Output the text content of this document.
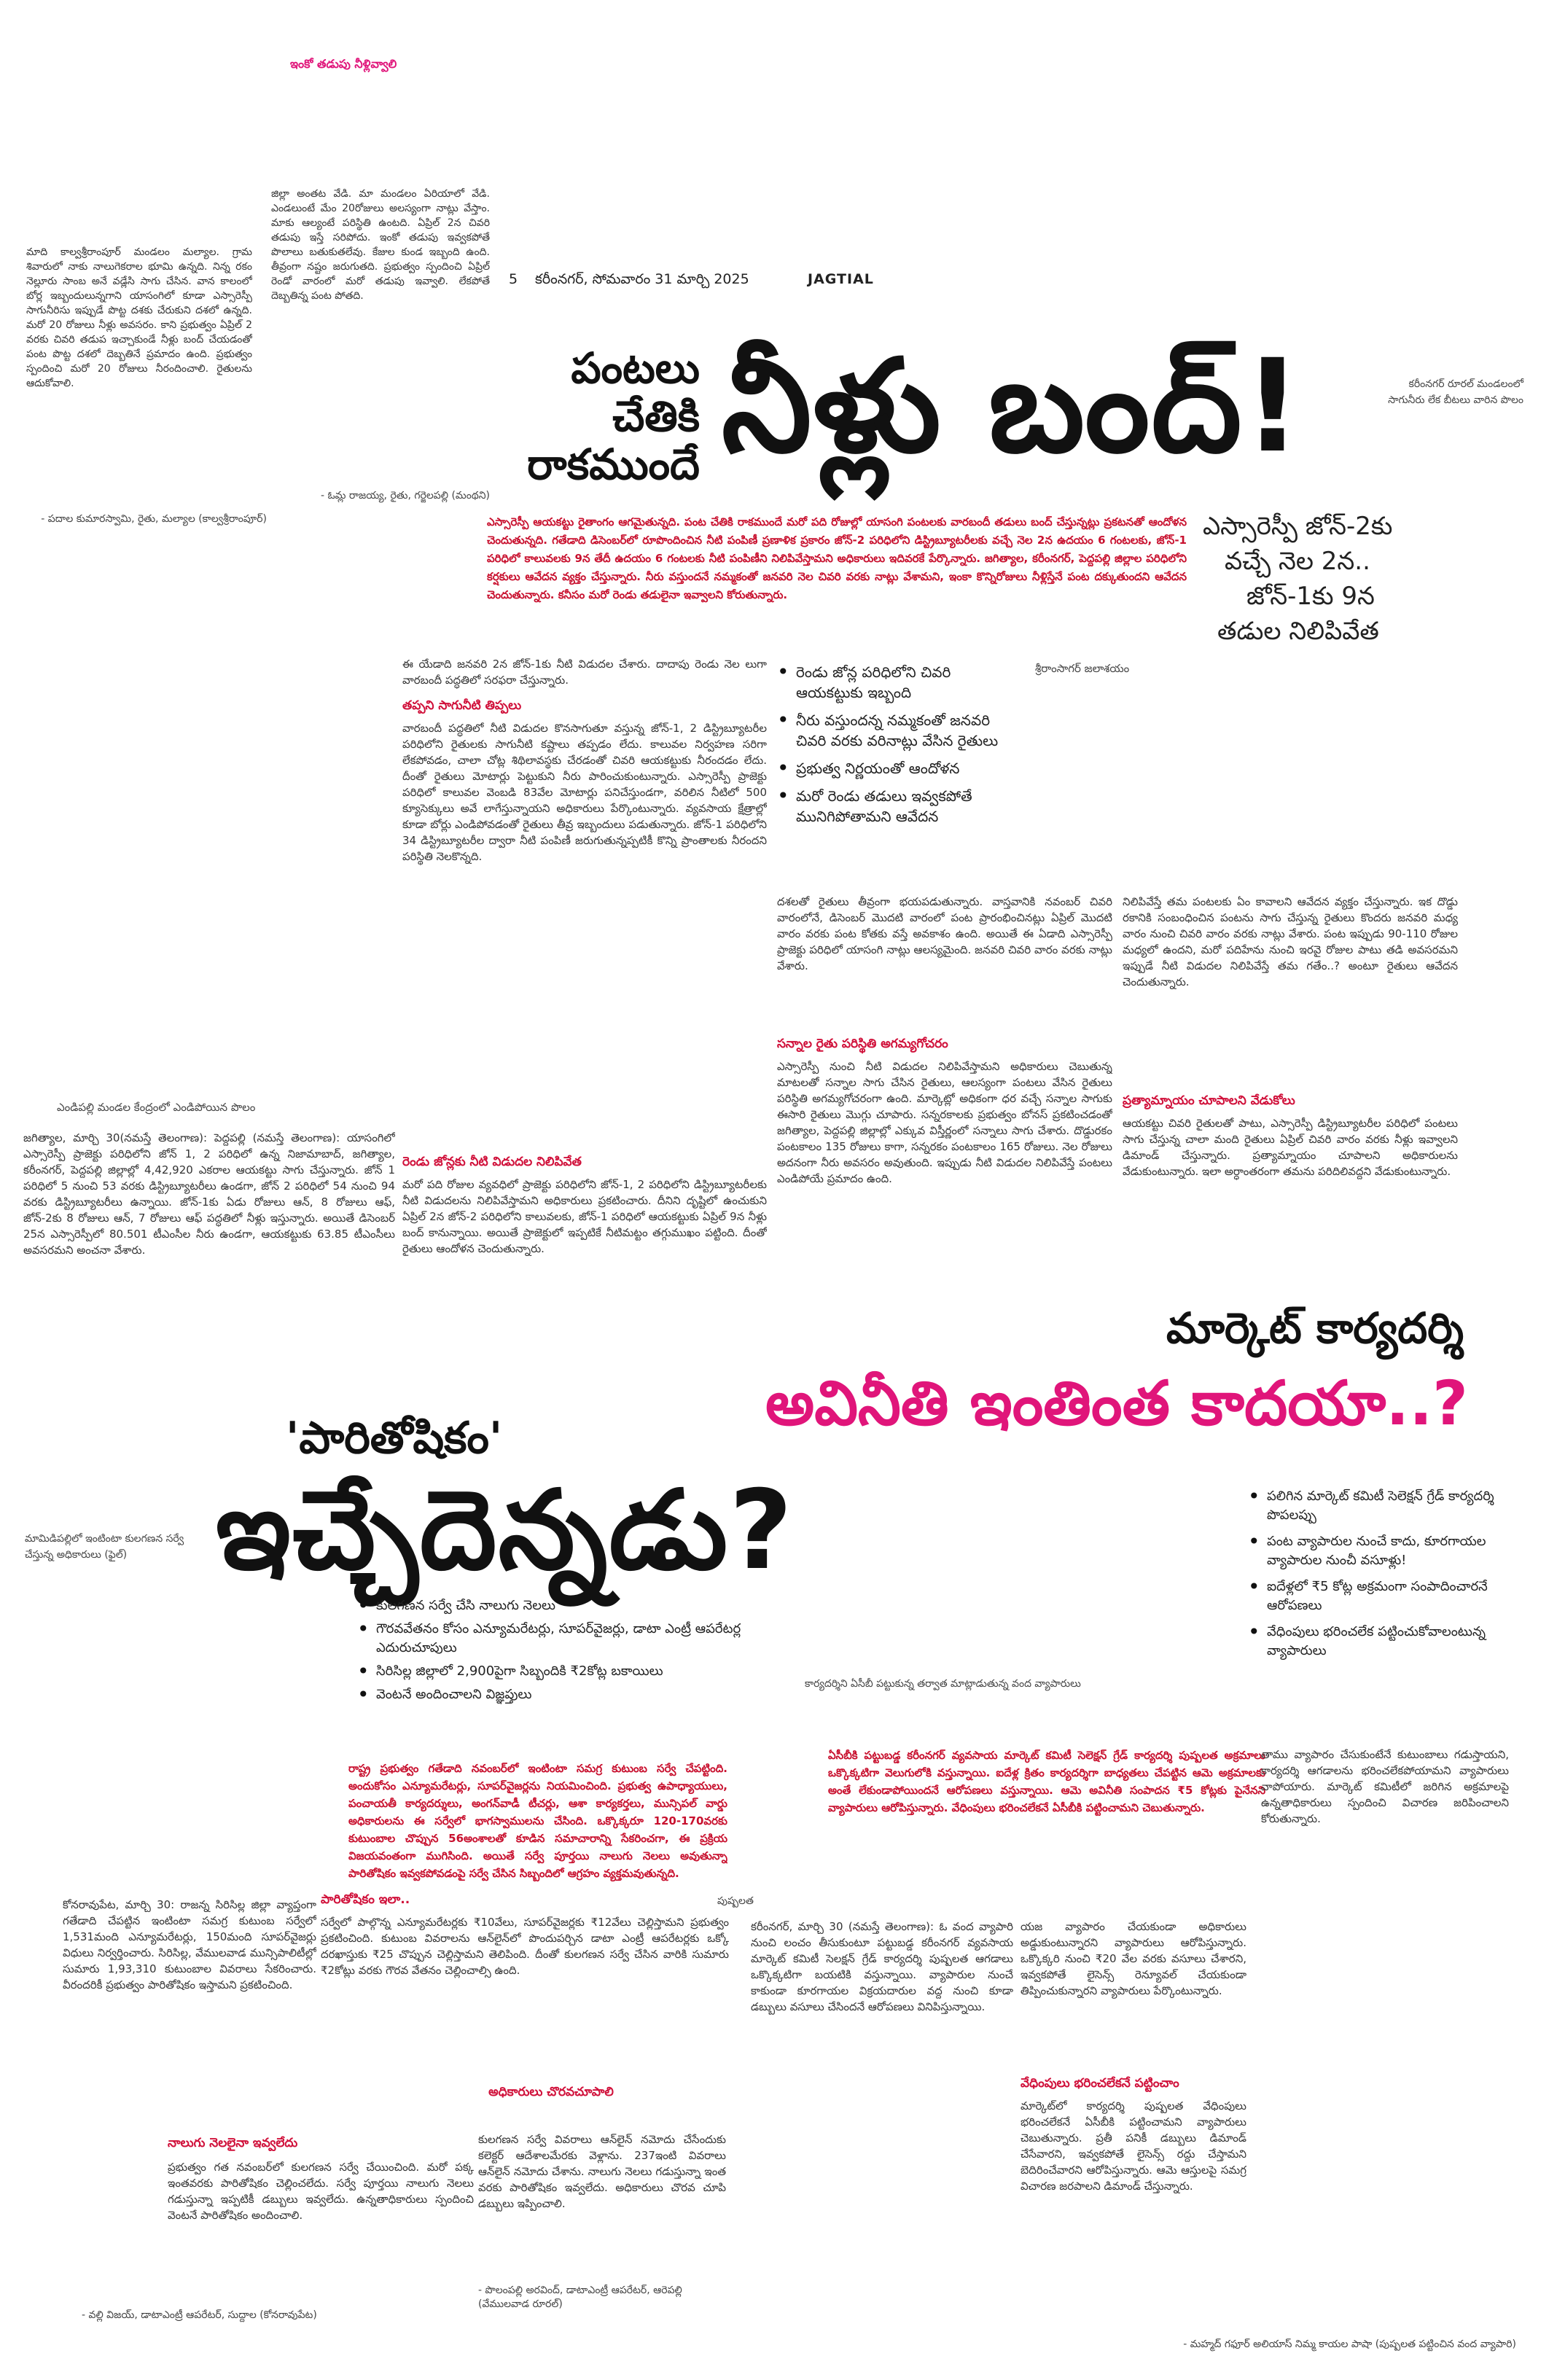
ఇంకో తడుపు నీళ్లివ్వాలి
5 కరీంనగర్, సోమవారం 31 మార్చి 2025	JAGTIAL
మాది కాల్వశ్రీరాంపూర్ మండలం మల్యాల. గ్రామ శివారులో నాకు నాలుగెకరాల భూమి ఉన్నది. నిన్న రకం నెల్లూరు సాంబ అనే వడ్లేసి సాగు చేసిన. వాన కాలంలో బోర్ల ఇబ్బందులున్నగాని యాసంగిలో కూడా ఎస్సారెస్పీ సాగునీరిసు ఇప్పుడే పొట్ట దశకు చేరుకుని దశలో ఉన్నది. మరో 20 రోజులు నీళ్లు అవసరం. కాని ప్రభుత్వం ఏప్రిల్ 2 వరకు చివరి తడుప ఇచ్చాకుండే నీళ్లు బంద్ చేయడంతో పంట పొట్ట దశలో దెబ్బతినే ప్రమాదం ఉంది. ప్రభుత్వం స్పందించి మరో 20 రోజులు నీరందించాలి. రైతులను ఆదుకోవాలి.
- పదాల కుమారస్వామి, రైతు, మల్యాల (కాల్వశ్రీరాంపూర్)
జిల్లా అంతట వేడి. మా మండలం ఏరియాలో వేడి. ఎండలుంటే మేం 20రోజులు అలస్యంగా నాట్లు వేస్తాం. మాకు ఆల్యంటే పరిస్థితి ఉంటది. ఏప్రిల్ 2న చివరి తడుపు ఇస్తే సరిపోదు. ఇంకో తడుపు ఇవ్వకపోతే పొలాలు బతుకుతలేవు. కేజుల కుండ ఇబ్బంది ఉంది. తీవ్రంగా నష్టం జరుగుతది. ప్రభుత్వం స్పందించి ఏప్రిల్ రెండో వారంలో మరో తడుపు ఇవ్వాలి. లేకపోతే దెబ్బతిన్న పంట పోతది.
- ఓమ్ల రాజయ్య, రైతు, గర్జెలపల్లి (మంథని)
పంటలు
చేతికి
రాకముందే నీళ్లు బంద్!	కరీంనగర్ రూరల్ మండలంలో సాగునీరు లేక బీటలు వారిన పొలం
ఎస్సారెస్పీ జోన్-2కు
వచ్చే నెల 2న..
జోన్-1కు 9న
తడుల నిలిపివేత
ఎస్సారెస్పీ ఆయకట్టు రైతాంగం ఆగమైతున్నది. పంట చేతికి రాకముందే మరో పది రోజుల్లో యాసంగి పంటలకు వారబందీ తడులు బంద్ చేస్తున్నట్లు ప్రకటనతో ఆందోళన చెందుతున్నది. గతేడాది డిసెంబర్‌లో రూపొందించిన నీటి పంపిణీ ప్రణాళిక ప్రకారం జోన్-2 పరిధిలోని డిస్ట్రిబ్యూటరీలకు వచ్చే నెల 2న ఉదయం 6 గంటలకు, జోన్-1 పరిధిలో కాలువలకు 9న తేదీ ఉదయం 6 గంటలకు నీటి పంపిణీని నిలిపివేస్తామని అధికారులు ఇదివరకే పేర్కొన్నారు. జగిత్యాల, కరీంనగర్, పెద్దపల్లి జిల్లాల పరిధిలోని కర్షకులు ఆవేదన వ్యక్తం చేస్తున్నారు. నీరు వస్తుందనే నమ్మకంతో జనవరి నెల చివరి వరకు నాట్లు వేశామని, ఇంకా కొన్నిరోజులు నీళ్లిస్తేనే పంట దక్కుతుందని ఆవేదన చెందుతున్నారు. కనీసం మరో రెండు తడులైనా ఇవ్వాలని కోరుతున్నారు.
ఈ యేడాది జనవరి 2న జోన్-1కు నీటి విడుదల చేశారు. దాదాపు రెండు నెల లుగా వారబందీ పద్ధతిలో సరఫరా చేస్తున్నారు.
తప్పని సాగునీటి తిప్పలు
వారబందీ పద్ధతిలో నీటి విడుదల కొనసాగుతూ వస్తున్న జోన్-1, 2 డిస్ట్రిబ్యూటరీల పరిధిలోని రైతులకు సాగునీటి కష్టాలు తప్పడం లేదు. కాలువల నిర్వహణ సరిగా లేకపోవడం, చాలా చోట్ల శిథిలావస్థకు చేరడంతో చివరి ఆయకట్టుకు నీరందడం లేదు. దీంతో రైతులు మోటార్లు పెట్టుకుని నీరు పారించుకుంటున్నారు. ఎస్సారెస్పీ ప్రాజెక్టు పరిధిలో కాలువల వెంబడి 83వేల మోటార్లు పనిచేస్తుండగా, వరిలిన నీటిలో 500 క్యూసెక్కులు అవే లాగేస్తున్నాయని అధికారులు పేర్కొంటున్నారు. వ్యవసాయ క్షేత్రాల్లో కూడా బోర్లు ఎండిపోవడంతో రైతులు తీవ్ర ఇబ్బందులు పడుతున్నారు. జోన్-1 పరిధిలోని 34 డిస్ట్రిబ్యూటరీల ద్వారా నీటి పంపిణీ జరుగుతున్నప్పటికీ కొన్ని ప్రాంతాలకు నీరందని పరిస్థితి నెలకొన్నది.
రెండు జోన్లకు నీటి విడుదల నిలిపివేత
మరో పది రోజుల వ్యవధిలో ప్రాజెక్టు పరిధిలోని జోన్-1, 2 పరిధిలోని డిస్ట్రిబ్యూటరీలకు నీటి విడుదలను నిలిపివేస్తామని అధికారులు ప్రకటించారు. దీనిని దృష్టిలో ఉంచుకుని ఏప్రిల్ 2న జోన్-2 పరిధిలోని కాలువలకు, జోన్-1 పరిధిలో ఆయకట్టుకు ఏప్రిల్ 9న నీళ్లు బంద్ కానున్నాయి. అయితే ప్రాజెక్టులో ఇప్పటికే నీటిమట్టం తగ్గుముఖం పట్టింది. దీంతో రైతులు ఆందోళన చెందుతున్నారు.
• రెండు జోన్ల పరిధిలోని చివరి ఆయకట్టుకు ఇబ్బంది
• నీరు వస్తుందన్న నమ్మకంతో జనవరి చివరి వరకు వరినాట్లు వేసిన రైతులు
• ప్రభుత్వ నిర్ణయంతో ఆందోళన
• మరో రెండు తడులు ఇవ్వకపోతే మునిగిపోతామని ఆవేదన
శ్రీరాంసాగర్ జలాశయం
దశలతో రైతులు తీవ్రంగా భయపడుతున్నారు. వాస్తవానికి నవంబర్ చివరి వారంలోనే, డిసెంబర్ మొదటి వారంలో పంట ప్రారంభించినట్లు ఏప్రిల్ మొదటి వారం వరకు పంట కోతకు వస్తే అవకాశం ఉంది. అయితే ఈ ఏడాది ఎస్సారెస్పీ ప్రాజెక్టు పరిధిలో యాసంగి నాట్లు ఆలస్యమైంది. జనవరి చివరి వారం వరకు నాట్లు వేశారు.
సన్నాల రైతు పరిస్థితి అగమ్యగోచరం
ఎస్సారెస్పీ నుంచి నీటి విడుదల నిలిపివేస్తామని అధికారులు చెబుతున్న మాటలతో సన్నాల సాగు చేసిన రైతులు, ఆలస్యంగా పంటలు వేసిన రైతులు పరిస్థితి అగమ్యగోచరంగా ఉంది. మార్కెట్లో అధికంగా ధర వచ్చే సన్నాల సాగుకు ఈసారి రైతులు మొగ్గు చూపారు. సన్నరకాలకు ప్రభుత్వం బోనస్ ప్రకటించడంతో జగిత్యాల, పెద్దపల్లి జిల్లాల్లో ఎక్కువ విస్తీర్ణంలో సన్నాలు సాగు చేశారు. దొడ్డురకం పంటకాలం 135 రోజులు కాగా, సన్నరకం పంటకాలం 165 రోజులు. నెల రోజులు అదనంగా నీరు అవసరం అవుతుంది. ఇప్పుడు నీటి విడుదల నిలిపివేస్తే పంటలు ఎండిపోయే ప్రమాదం ఉంది.
నిలిపివేస్తే తమ పంటలకు ఏం కావాలని ఆవేదన వ్యక్తం చేస్తున్నారు. ఇక దొడ్డు రకానికి సంబంధించిన పంటను సాగు చేస్తున్న రైతులు కొందరు జనవరి మధ్య వారం నుంచి చివరి వారం వరకు నాట్లు వేశారు. పంట ఇప్పుడు 90-110 రోజుల మధ్యలో ఉందని, మరో పదిహేను నుంచి ఇరవై రోజుల పాటు తడి అవసరమని ఇప్పుడే నీటి విడుదల నిలిపివేస్తే తమ గతేం..? అంటూ రైతులు ఆవేదన చెందుతున్నారు.
ప్రత్యామ్నాయం చూపాలని వేడుకోలు
ఆయకట్టు చివరి రైతులతో పాటు, ఎస్సారెస్పీ డిస్ట్రిబ్యూటరీల పరిధిలో పంటలు సాగు చేస్తున్న చాలా మంది రైతులు ఏప్రిల్ చివరి వారం వరకు నీళ్లు ఇవ్వాలని డిమాండ్ చేస్తున్నారు. ప్రత్యామ్నాయం చూపాలని అధికారులను వేడుకుంటున్నారు. ఇలా అర్ధాంతరంగా తమను పరిదిలివద్దని వేడుకుంటున్నారు.
ఎండిపల్లి మండల కేంద్రంలో ఎండిపోయిన పొలం
జగిత్యాల, మార్చి 30(నమస్తే తెలంగాణ): పెద్దపల్లి (నమస్తే తెలంగాణ): యాసంగిలో ఎస్సారెస్పీ ప్రాజెక్టు పరిధిలోని జోన్ 1, 2 పరిధిలో ఉన్న నిజామాబాద్, జగిత్యాల, కరీంనగర్, పెద్దపల్లి జిల్లాల్లో 4,42,920 ఎకరాల ఆయకట్టు సాగు చేస్తున్నారు. జోన్ 1 పరిధిలో 5 నుంచి 53 వరకు డిస్ట్రిబ్యూటరీలు ఉండగా, జోన్ 2 పరిధిలో 54 నుంచి 94 వరకు డిస్ట్రిబ్యూటరీలు ఉన్నాయి. జోన్-1కు ఏడు రోజులు ఆన్, 8 రోజులు ఆఫ్, జోన్-2కు 8 రోజులు ఆన్, 7 రోజులు ఆఫ్ పద్ధతిలో నీళ్లు ఇస్తున్నారు. అయితే డిసెంబర్ 25న ఎస్సారెస్పీలో 80.501 టీఎంసీల నీరు ఉండగా, ఆయకట్టుకు 63.85 టీఎంసీలు అవసరమని అంచనా వేశారు.
మార్కెట్ కార్యదర్శి
అవినీతి ఇంతింత కాదయా..?
• పలిగిన మార్కెట్ కమిటీ సెలెక్షన్ గ్రేడ్ కార్యదర్శి పొపలప్పు
• పంట వ్యాపారుల నుంచే కాదు, కూరగాయల వ్యాపారుల నుంచీ వసూళ్లు!
• ఐదేళ్లలో ₹5 కోట్ల అక్రమంగా సంపాదించారనే ఆరోపణలు
• వేధింపులు భరించలేక పట్టించుకోవాలంటున్న వ్యాపారులు
కార్యదర్శిని ఏసీబీ పట్టుకున్న తర్వాత మాట్లాడుతున్న వంద వ్యాపారులు
ఏసీబీకి పట్టుబడ్డ కరీంనగర్ వ్యవసాయ మార్కెట్ కమిటీ సెలెక్షన్ గ్రేడ్ కార్యదర్శి పుష్పలత అక్రమాలు ఒక్కొక్కటిగా వెలుగులోకి వస్తున్నాయి. ఐదేళ్ల క్రితం కార్యదర్శిగా బాధ్యతలు చేపట్టిన ఆమె అక్రమాలకు అంతే లేకుండాపోయిందనే ఆరోపణలు వస్తున్నాయి. ఆమె అవినీతి సంపాదన ₹5 కోట్లకు పైనేనని వ్యాపారులు ఆరోపిస్తున్నారు. వేధింపులు భరించలేకనే ఏసీబీకి పట్టించామని చెబుతున్నారు.
పుష్పలత
కరీంనగర్, మార్చి 30 (నమస్తే తెలంగాణ): ఓ వంద వ్యాపారి నుంచి లంచం తీసుకుంటూ పట్టుబడ్డ కరీంనగర్ వ్యవసాయ మార్కెట్ కమిటీ సెలక్షన్ గ్రేడ్ కార్యదర్శి పుష్పలత ఆగడాలు ఒక్కొక్కటిగా బయటికి వస్తున్నాయి. వ్యాపారుల నుంచే కాకుండా కూరగాయల విక్రయదారుల వద్ద నుంచి కూడా డబ్బులు వసూలు చేసిందనే ఆరోపణలు వినిపిస్తున్నాయి.
యజ వ్యాపారం చేయకుండా అధికారులు అడ్డుకుంటున్నారని వ్యాపారులు ఆరోపిస్తున్నారు. ఒక్కొక్కరి నుంచి ₹20 వేల వరకు వసూలు చేశారని, ఇవ్వకపోతే లైసెన్స్ రెన్యూవల్ చేయకుండా తిప్పించుకున్నారని వ్యాపారులు పేర్కొంటున్నారు.
వేధింపులు భరించలేకనే పట్టించాం
మార్కెట్‌లో కార్యదర్శి పుష్పలత వేధింపులు భరించలేకనే ఏసీబీకి పట్టించామని వ్యాపారులు చెబుతున్నారు. ప్రతీ పనికీ డబ్బులు డిమాండ్ చేసేవారని, ఇవ్వకపోతే లైసెన్స్ రద్దు చేస్తామని బెదిరించేవారని ఆరోపిస్తున్నారు. ఆమె ఆస్తులపై సమగ్ర విచారణ జరపాలని డిమాండ్ చేస్తున్నారు.
తాము వ్యాపారం చేసుకుంటేనే కుటుంబాలు గడుస్తాయని, కార్యదర్శి ఆగడాలను భరించలేకపోయామని వ్యాపారులు వాపోయారు. మార్కెట్ కమిటీలో జరిగిన అక్రమాలపై ఉన్నతాధికారులు స్పందించి విచారణ జరిపించాలని కోరుతున్నారు.
- మహ్మద్ గఫూర్ అలియాస్ నిమ్మ కాయల పాషా (పుష్పలత పట్టించిన వంద వ్యాపారి)
'పారితోషికం'
ఇచ్చేదెన్నడు?
మామిడిపల్లిలో ఇంటింటా కులగణన సర్వే చేస్తున్న అధికారులు (ఫైల్)
• కులగణన సర్వే చేసి నాలుగు నెలలు
• గౌరవవేతనం కోసం ఎన్యూమరేటర్లు, సూపర్‌వైజర్లు, డాటా ఎంట్రీ ఆపరేటర్ల ఎదురుచూపులు
• సిరిసిల్ల జిల్లాలో 2,900పైగా సిబ్బందికి ₹2కోట్ల బకాయిలు
• వెంటనే అందించాలని విజ్ఞప్తులు
రాష్ట్ర ప్రభుత్వం గతేడాది నవంబర్‌లో ఇంటింటా సమగ్ర కుటుంబ సర్వే చేపట్టింది. అందుకోసం ఎన్యూమరేటర్లు, సూపర్‌వైజర్లను నియమించింది. ప్రభుత్వ ఉపాధ్యాయులు, పంచాయతీ కార్యదర్శులు, అంగన్‌వాడీ టీచర్లు, ఆశా కార్యకర్తలు, మున్సిపల్ వార్డు అధికారులను ఈ సర్వేలో భాగస్వాములను చేసింది. ఒక్కొక్కరూ 120-170వరకు కుటుంబాల చొప్పున 56అంశాలతో కూడిన సమాచారాన్ని సేకరించగా, ఈ ప్రక్రియ విజయవంతంగా ముగిసింది. అయితే సర్వే పూర్తయి నాలుగు నెలలు అవుతున్నా పారితోషికం ఇవ్వకపోవడంపై సర్వే చేసిన సిబ్బందిలో ఆగ్రహం వ్యక్తమవుతున్నది.
కోనరావుపేట, మార్చి 30: రాజన్న సిరిసిల్ల జిల్లా వ్యాప్తంగా గతేడాది చేపట్టిన ఇంటింటా సమగ్ర కుటుంబ సర్వేలో 1,531మంది ఎన్యూమరేటర్లు, 150మంది సూపర్‌వైజర్లు విధులు నిర్వర్తించారు. సిరిసిల్ల, వేములవాడ మున్సిపాలిటీల్లో సుమారు 1,93,310 కుటుంబాల వివరాలు సేకరించారు. వీరందరికీ ప్రభుత్వం పారితోషికం ఇస్తామని ప్రకటించింది.
నాలుగు నెలలైనా ఇవ్వలేదు
ప్రభుత్వం గత నవంబర్‌లో కులగణన సర్వే చేయించింది. మరో పక్క ఇంతవరకు పారితోషికం చెల్లించలేదు. సర్వే పూర్తయి నాలుగు నెలలు గడుస్తున్నా ఇప్పటికీ డబ్బులు ఇవ్వలేదు. ఉన్నతాధికారులు స్పందించి వెంటనే పారితోషికం అందించాలి.
- వల్లి విజయ్, డాటాఎంట్రీ ఆపరేటర్, సుద్దాల (కోనరావుపేట)
పారితోషికం ఇలా..
సర్వేలో పాల్గొన్న ఎన్యూమరేటర్లకు ₹10వేలు, సూపర్‌వైజర్లకు ₹12వేలు చెల్లిస్తామని ప్రభుత్వం ప్రకటించింది. కుటుంబ వివరాలను ఆన్‌లైన్‌లో పొందుపర్చిన డాటా ఎంట్రీ ఆపరేటర్లకు ఒక్కో దరఖాస్తుకు ₹25 చొప్పున చెల్లిస్తామని తెలిపింది. దీంతో కులగణన సర్వే చేసిన వారికి సుమారు ₹2కోట్లు వరకు గౌరవ వేతనం చెల్లించాల్సి ఉంది.
అధికారులు చొరవచూపాలి
కులగణన సర్వే వివరాలు ఆన్‌లైన్ నమోదు చేసేందుకు కలెక్టర్ ఆదేశాలమేరకు వెళ్లాను. 237ఇంటి వివరాలు ఆన్‌లైన్ నమోదు చేశాను. నాలుగు నెలలు గడుస్తున్నా ఇంత వరకు పారితోషికం ఇవ్వలేదు. అధికారులు చొరవ చూపి డబ్బులు ఇప్పించాలి.
- పొలంపల్లి అరవింద్, డాటాఎంట్రీ ఆపరేటర్, ఆరెపల్లి (వేములవాడ రూరల్)
